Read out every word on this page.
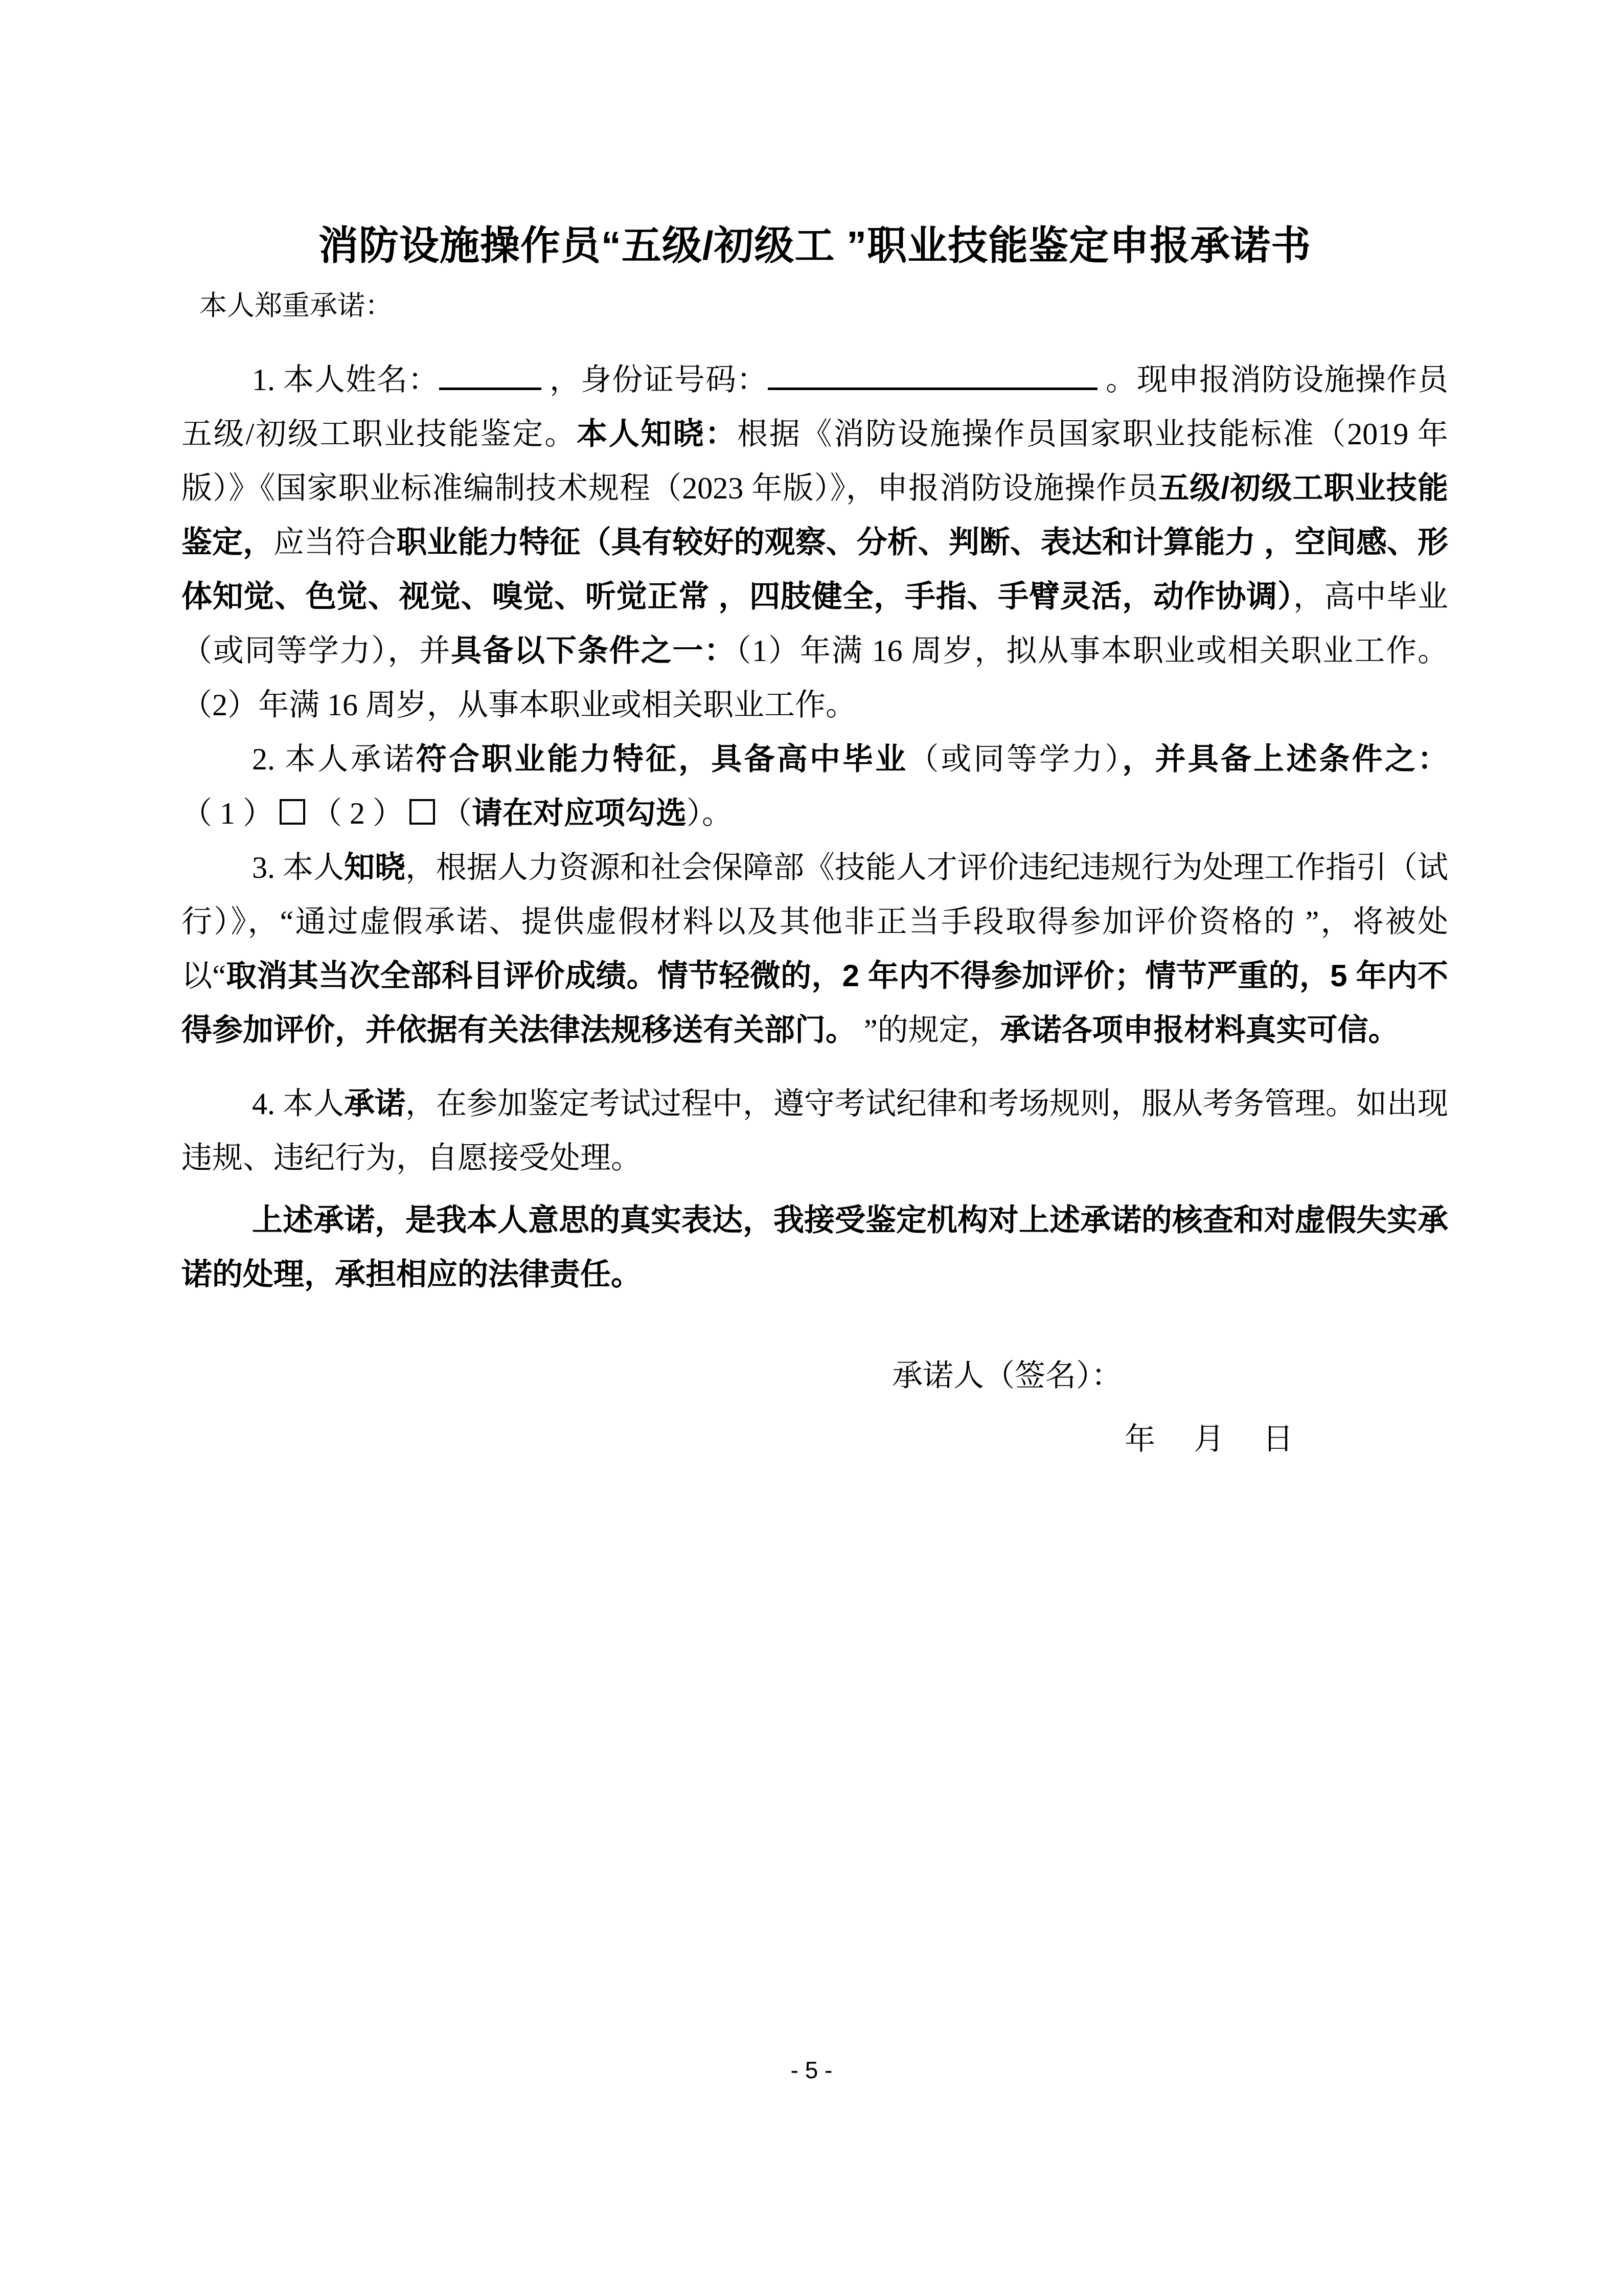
消防设施操作员“五级/初级工 ”职业技能鉴定申报承诺书
本人郑重承诺：

1. 本人姓名：	，身份证号码：	。现申报消防设施操作员五级/初级工职业技能鉴定。本人知晓：根据《消防设施操作员国家职业技能标准（2019 年版）》《国家职业标准编制技术规程（2023 年版）》，申报消防设施操作员五级/初级工职业技能鉴定，应当符合职业能力特征（具有较好的观察、分析、判断、表达和计算能力 ，空间感、形体知觉、色觉、视觉、嗅觉、听觉正常 ，四肢健全，手指、手臂灵活，动作协调），高中毕业（或同等学力），并具备以下条件之一：（1）年满 16 周岁，拟从事本职业或相关职业工作。（2）年满 16 周岁，从事本职业或相关职业工作。

2. 本人承诺符合职业能力特征，具备高中毕业（或同等学力），并具备上述条件之：

（ 1 ） （ 2 ） （请在对应项勾选）。

3. 本人知晓，根据人力资源和社会保障部《技能人才评价违纪违规行为处理工作指引（试行）》，“通过虚假承诺、提供虚假材料以及其他非正当手段取得参加评价资格的 ”，将被处以“取消其当次全部科目评价成绩。情节轻微的，2 年内不得参加评价；情节严重的，5 年内不得参加评价，并依据有关法律法规移送有关部门。 ”的规定，承诺各项申报材料真实可信。

4. 本人承诺，在参加鉴定考试过程中，遵守考试纪律和考场规则，服从考务管理。如出现违规、违纪行为，自愿接受处理。

上述承诺，是我本人意思的真实表达，我接受鉴定机构对上述承诺的核查和对虚假失实承诺的处理，承担相应的法律责任。

承诺人（签名）：
年　 月　 日
- 5 -
